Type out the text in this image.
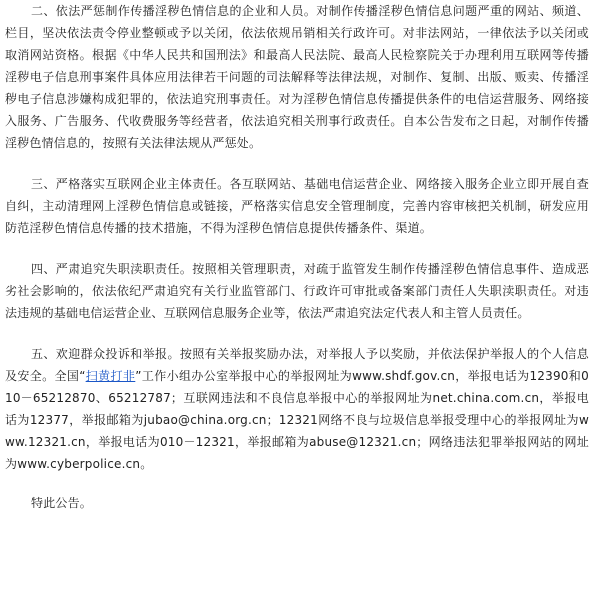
二、依法严惩制作传播淫秽色情信息的企业和人员。对制作传播淫秽色情信息问题严重的网站、频道、栏目，坚决依法责令停业整顿或予以关闭，依法依规吊销相关行政许可。对非法网站，一律依法予以关闭或取消网站资格。根据《中华人民共和国刑法》和最高人民法院、最高人民检察院关于办理利用互联网等传播淫秽电子信息刑事案件具体应用法律若干问题的司法解释等法律法规，对制作、复制、出版、贩卖、传播淫秽电子信息涉嫌构成犯罪的，依法追究刑事责任。对为淫秽色情信息传播提供条件的电信运营服务、网络接入服务、广告服务、代收费服务等经营者，依法追究相关刑事行政责任。自本公告发布之日起，对制作传播淫秽色情信息的，按照有关法律法规从严惩处。

三、严格落实互联网企业主体责任。各互联网站、基础电信运营企业、网络接入服务企业立即开展自查自纠，主动清理网上淫秽色情信息或链接，严格落实信息安全管理制度，完善内容审核把关机制，研发应用防范淫秽色情信息传播的技术措施，不得为淫秽色情信息提供传播条件、渠道。

四、严肃追究失职渎职责任。按照相关管理职责，对疏于监管发生制作传播淫秽色情信息事件、造成恶劣社会影响的，依法依纪严肃追究有关行业监管部门、行政许可审批或备案部门责任人失职渎职责任。对违法违规的基础电信运营企业、互联网信息服务企业等，依法严肃追究法定代表人和主管人员责任。

五、欢迎群众投诉和举报。按照有关举报奖励办法，对举报人予以奖励，并依法保护举报人的个人信息及安全。全国“扫黄打非”工作小组办公室举报中心的举报网址为www.shdf.gov.cn，举报电话为12390和010－65212870、65212787；互联网违法和不良信息举报中心的举报网址为net.china.com.cn，举报电话为12377，举报邮箱为jubao@china.org.cn；12321网络不良与垃圾信息举报受理中心的举报网址为www.12321.cn，举报电话为010－12321，举报邮箱为abuse@12321.cn；网络违法犯罪举报网站的网址为www.cyberpolice.cn。

特此公告。
